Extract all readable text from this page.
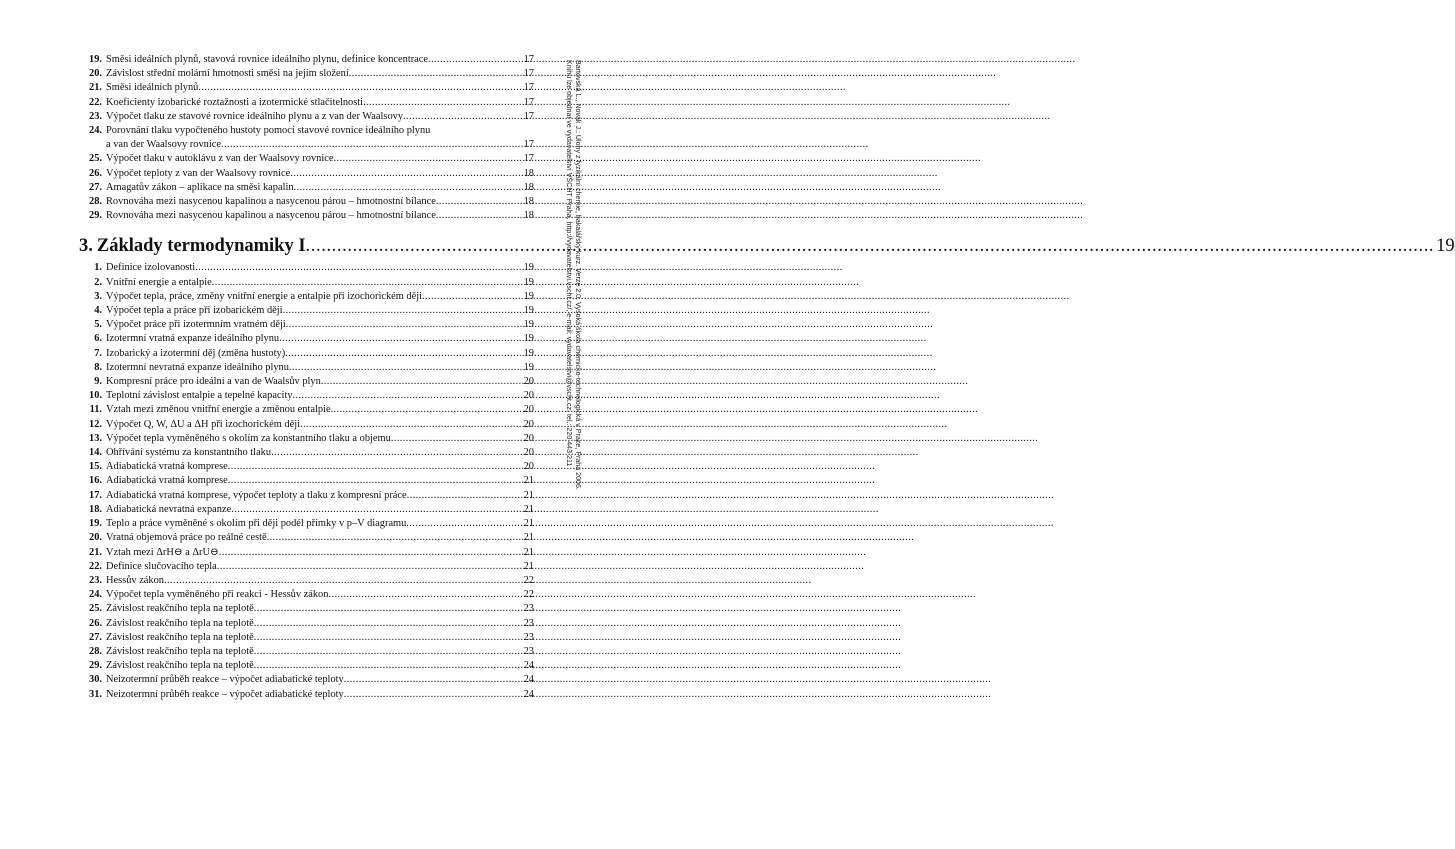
19. Směsi ideálních plynů, stavová rovnice ideálního plynu, definice koncentrace .....	17
20. Závislost střední molární hmotnosti směsi na jejím složení .....	17
21. Směsi ideálních plynů .....	17
22. Koeficienty izobarické roztažnosti a izotermické stlačitelnosti .....	17
23. Výpočet tlaku ze stavové rovnice ideálního plynu a z van der Waalsovy .....	17
24. Porovnání tlaku vypočteného hustoty pomocí stavové rovnice ideálního plynu
a van der Waalsovy rovnice .....	17
25. Výpočet tlaku v autoklávu z van der Waalsovy rovnice .....	17
26. Výpočet teploty z van der Waalsovy rovnice .....	18
27. Amagatův zákon – aplikace na směsi kapalin .....	18
28. Rovnováha mezi nasycenou kapalinou a nasycenou párou – hmotnostní bilance .....	18
29. Rovnováha mezi nasycenou kapalinou a nasycenou párou – hmotnostní bilance .....	18
3. Základy termodynamiky I .....	19
1. Definice izolovanosti .....	19
2. Vnitřní energie a entalpie .....	19
3. Výpočet tepla, práce, změny vnitřní energie a entalpie při izochorickém ději .....	19
4. Výpočet tepla a práce při izobarickém ději .....	19
5. Výpočet práce při izotermním vratném ději .....	19
6. Izotermní vratná expanze ideálního plynu .....	19
7. Izobarický a izotermní děj (změna hustoty) .....	19
8. Izotermní nevratná expanze ideálního plynu .....	19
9. Kompresní práce pro ideální a van de Waalsův plyn .....	20
10. Teplotní závislost entalpie a tepelné kapacity .....	20
11. Vztah mezi změnou vnitřní energie a změnou entalpie .....	20
12. Výpočet Q, W, ΔU a ΔH při izochorickém ději .....	20
13. Výpočet tepla vyměněného s okolím za konstantního tlaku a objemu .....	20
14. Ohřívání systému za konstantního tlaku .....	20
15. Adiabatická vratná komprese .....	20
16. Adiabatická vratná komprese .....	21
17. Adiabatická vratná komprese, výpočet teploty a tlaku z kompresní práce .....	21
18. Adiabatická nevratná expanze .....	21
19. Teplo a práce vyměněné s okolím při ději podél přímky v p–V diagramu .....	21
20. Vratná objemová práce po reálné cestě .....	21
21. Vztah mezi ΔrH⊖ a ΔrU⊖ .....	21
22. Definice slučovacího tepla .....	21
23. Hessův zákon .....	22
24. Výpočet tepla vyměněného při reakci - Hessův zákon .....	22
25. Závislost reakčního tepla na teplotě .....	23
26. Závislost reakčního tepla na teplotě .....	23
27. Závislost reakčního tepla na teplotě .....	23
28. Závislost reakčního tepla na teplotě .....	23
29. Závislost reakčního tepla na teplotě .....	24
30. Neizotermní průběh reakce – výpočet adiabatické teploty .....	24
31. Neizotermní průběh reakce – výpočet adiabatické teploty .....	24
Bartovská L., Novák J.: Úlohy z fyzikální chemie, bakalářský kurz. Verze 2.0. Vysoká škola chemicko-technologická v Praze, Praha 2006.
Knihu lze objednat ve vydavatelství VŠCHT Praha, http://vydavatelstvi.vscht.cz/, e-mail: vydavatelstvi@vscht.cz, tel.: 220 443 211
